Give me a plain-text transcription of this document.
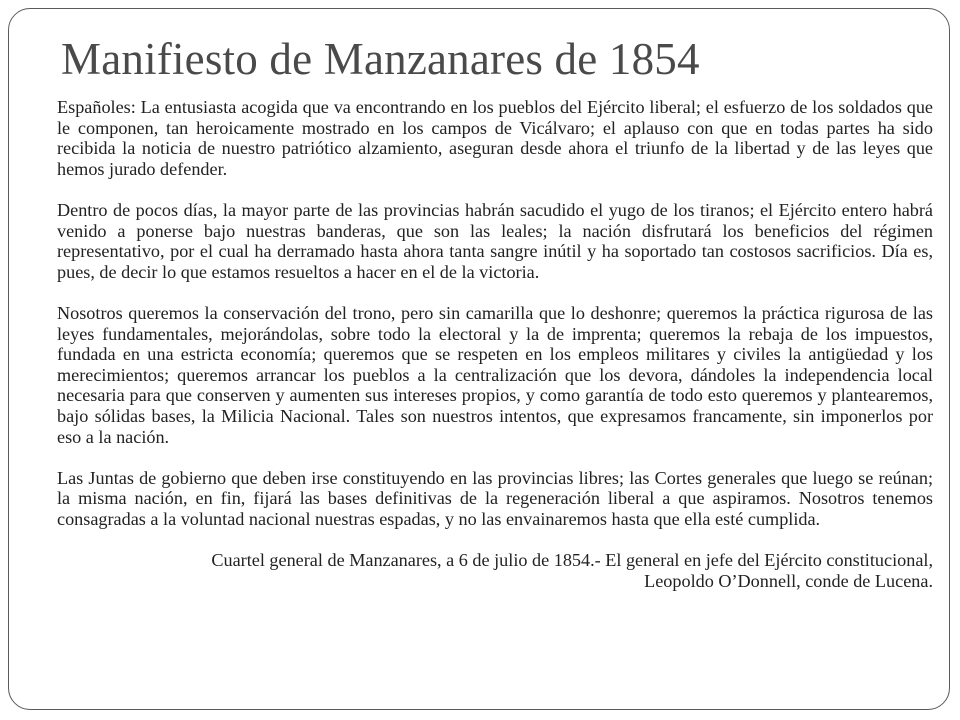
Manifiesto de Manzanares de 1854

Españoles: La entusiasta acogida que va encontrando en los pueblos del Ejército liberal; el esfuerzo de los soldados que le componen, tan heroicamente mostrado en los campos de Vicálvaro; el aplauso con que en todas partes ha sido recibida la noticia de nuestro patriótico alzamiento, aseguran desde ahora el triunfo de la libertad y de las leyes que hemos jurado defender.

Dentro de pocos días, la mayor parte de las provincias habrán sacudido el yugo de los tiranos; el Ejército entero habrá venido a ponerse bajo nuestras banderas, que son las leales; la nación disfrutará los beneficios del régimen representativo, por el cual ha derramado hasta ahora tanta sangre inútil y ha soportado tan costosos sacrificios. Día es, pues, de decir lo que estamos resueltos a hacer en el de la victoria.

Nosotros queremos la conservación del trono, pero sin camarilla que lo deshonre; queremos la práctica rigurosa de las leyes fundamentales, mejorándolas, sobre todo la electoral y la de imprenta; queremos la rebaja de los impuestos, fundada en una estricta economía; queremos que se respeten en los empleos militares y civiles la antigüedad y los merecimientos; queremos arrancar los pueblos a la centralización que los devora, dándoles la independencia local necesaria para que conserven y aumenten sus intereses propios, y como garantía de todo esto queremos y plantearemos, bajo sólidas bases, la Milicia Nacional. Tales son nuestros intentos, que expresamos francamente, sin imponerlos por eso a la nación.

Las Juntas de gobierno que deben irse constituyendo en las provincias libres; las Cortes generales que luego se reúnan; la misma nación, en fin, fijará las bases definitivas de la regeneración liberal a que aspiramos. Nosotros tenemos consagradas a la voluntad nacional nuestras espadas, y no las envainaremos hasta que ella esté cumplida.

Cuartel general de Manzanares, a 6 de julio de 1854.- El general en jefe del Ejército constitucional,
Leopoldo O’Donnell, conde de Lucena.
